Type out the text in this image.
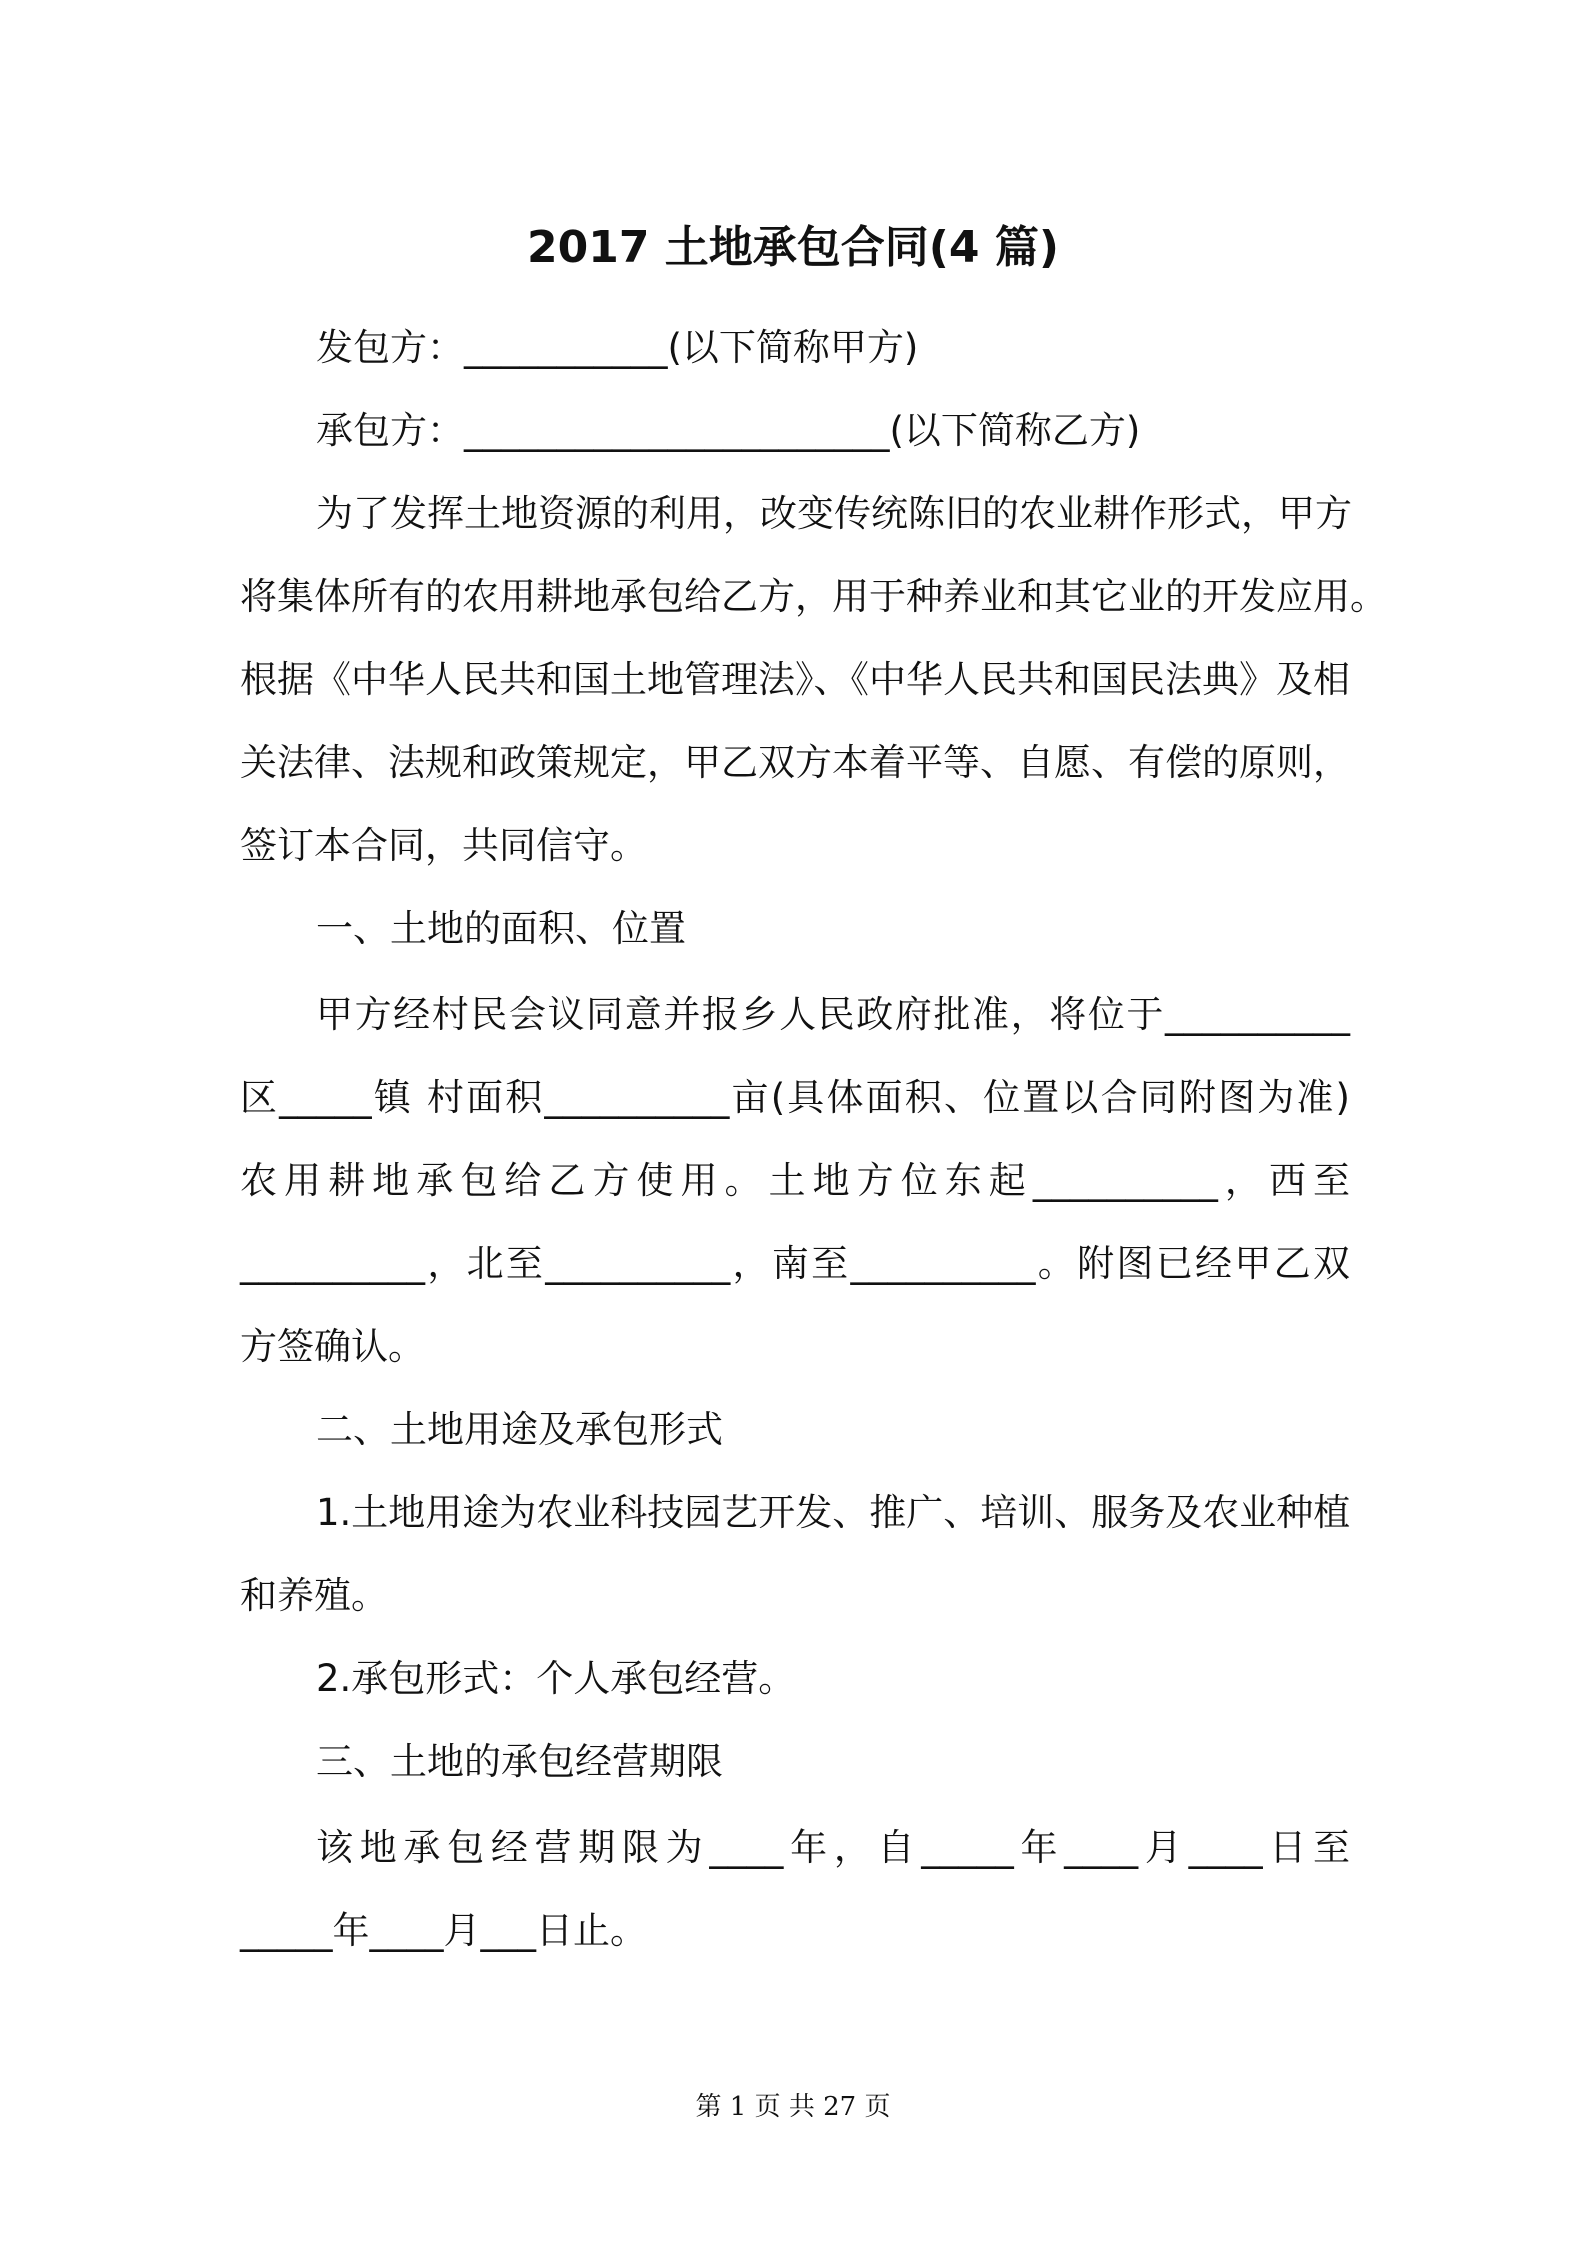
2017 土地承包合同(4 篇)

发包方：___________(以下简称甲方)

承包方：_______________________(以下简称乙方)

为了发挥土地资源的利用，改变传统陈旧的农业耕作形式，甲方

将集体所有的农用耕地承包给乙方，用于种养业和其它业的开发应用。

根据《中华人民共和国土地管理法》、《中华人民共和国民法典》及相

关法律、法规和政策规定，甲乙双方本着平等、自愿、有偿的原则，

签订本合同，共同信守。

一、土地的面积、位置

甲方经村民会议同意并报乡人民政府批准，将位于__________

区_____镇 村面积__________亩(具体面积、位置以合同附图为准)

农用耕地承包给乙方使用。土地方位东起__________，西至

__________，北至__________，南至__________。附图已经甲乙双

方签确认。

二、土地用途及承包形式

1.土地用途为农业科技园艺开发、推广、培训、服务及农业种植

和养殖。

2.承包形式：个人承包经营。

三、土地的承包经营期限

该地承包经营期限为____年，自_____年____月____日至

_____年____月___日止。

第 1 页 共 27 页
